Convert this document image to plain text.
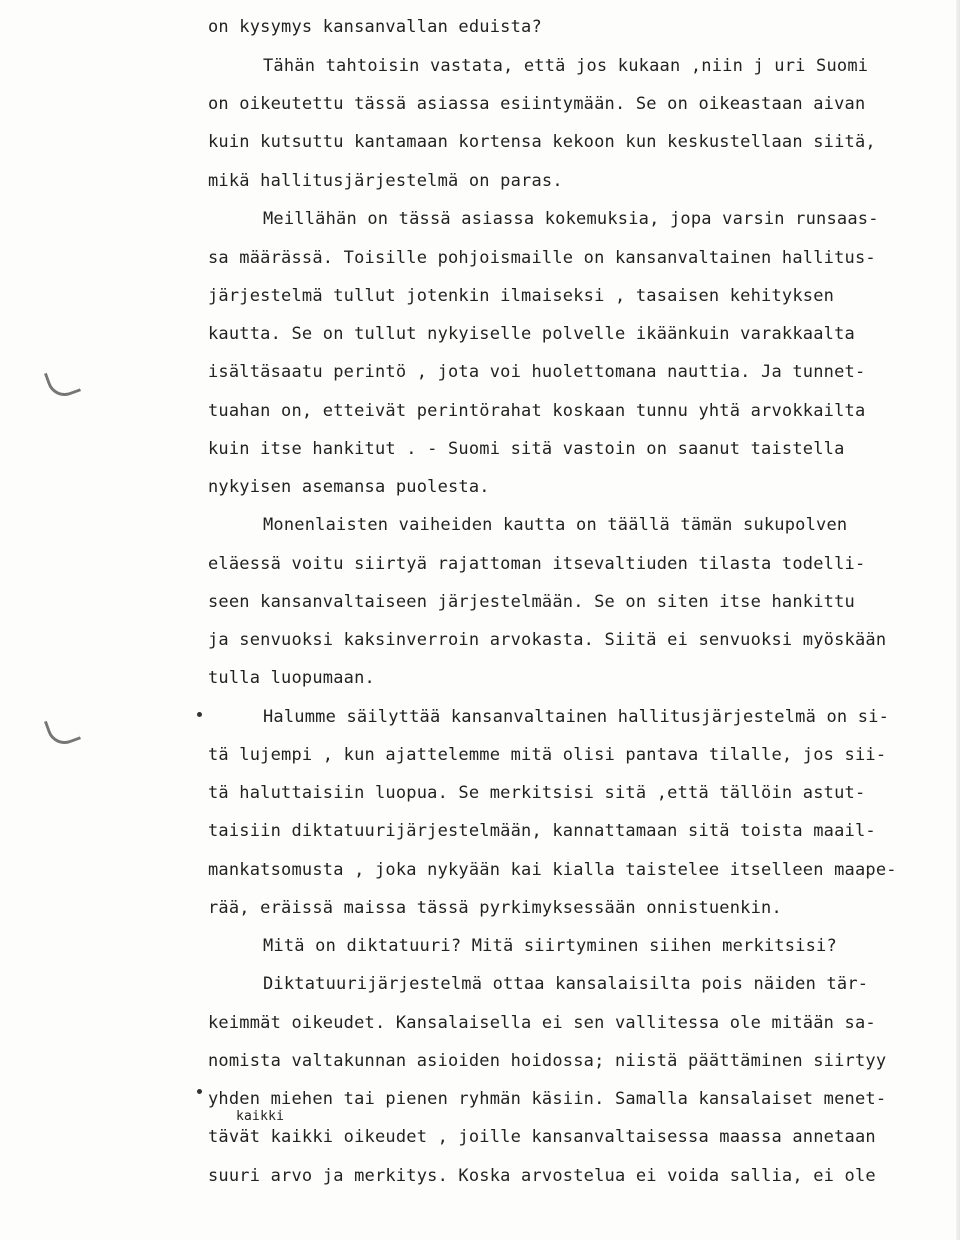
on kysymys kansanvallan eduista?
Tähän tahtoisin vastata, että jos kukaan ,niin j uri Suomi
on oikeutettu tässä asiassa esiintymään. Se on oikeastaan aivan
kuin kutsuttu kantamaan kortensa kekoon kun keskustellaan siitä,
mikä hallitusjärjestelmä on paras.
Meillähän on tässä asiassa kokemuksia, jopa varsin runsaas-
sa määrässä. Toisille pohjoismaille on kansanvaltainen hallitus-
järjestelmä tullut jotenkin ilmaiseksi , tasaisen kehityksen
kautta. Se on tullut nykyiselle polvelle ikäänkuin varakkaalta
isältäsaatu perintö , jota voi huolettomana nauttia. Ja tunnet-
tuahan on, etteivät perintörahat koskaan tunnu yhtä arvokkailta
kuin itse hankitut . - Suomi sitä vastoin on saanut taistella
nykyisen asemansa puolesta.
Monenlaisten vaiheiden kautta on täällä tämän sukupolven
eläessä voitu siirtyä rajattoman itsevaltiuden tilasta todelli-
seen kansanvaltaiseen järjestelmään. Se on siten itse hankittu
ja senvuoksi kaksinverroin arvokasta. Siitä ei senvuoksi myöskään
tulla luopumaan.
Halumme säilyttää kansanvaltainen hallitusjärjestelmä on si-
tä lujempi , kun ajattelemme mitä olisi pantava tilalle, jos sii-
tä haluttaisiin luopua. Se merkitsisi sitä ,että tällöin astut-
taisiin diktatuurijärjestelmään, kannattamaan sitä toista maail-
mankatsomusta , joka nykyään kai kialla taistelee itselleen maape-
rää, eräissä maissa tässä pyrkimyksessään onnistuenkin.
Mitä on diktatuuri? Mitä siirtyminen siihen merkitsisi?
Diktatuurijärjestelmä ottaa kansalaisilta pois näiden tär-
keimmät oikeudet. Kansalaisella ei sen vallitessa ole mitään sa-
nomista valtakunnan asioiden hoidossa; niistä päättäminen siirtyy
yhden miehen tai pienen ryhmän käsiin. Samalla kansalaiset menet-
tävät kaikki oikeudet , joille kansanvaltaisessa maassa annetaan
suuri arvo ja merkitys. Koska arvostelua ei voida sallia, ei ole
kaikki
